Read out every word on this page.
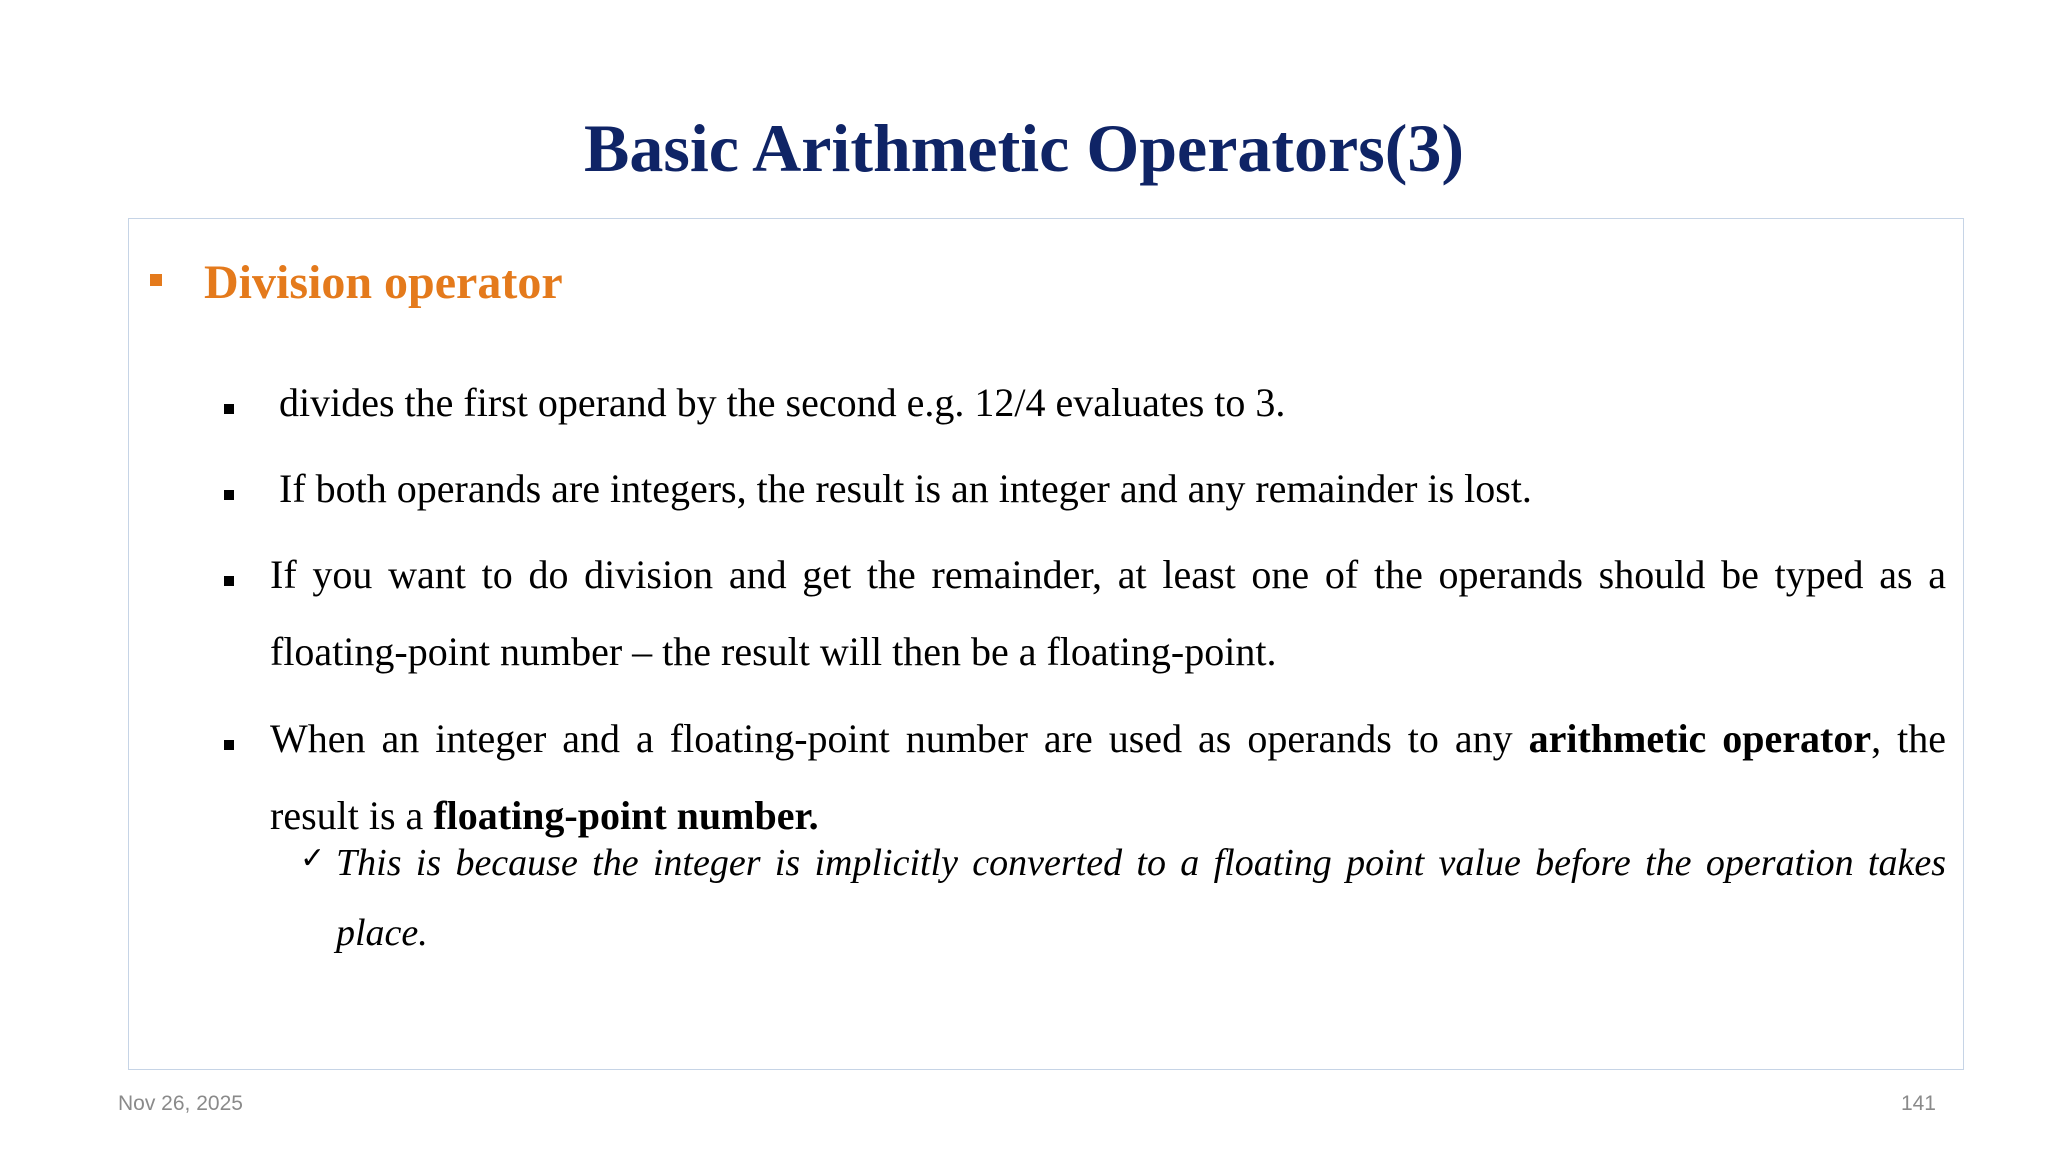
Basic Arithmetic Operators(3)
Division operator
divides the first operand by the second e.g. 12/4 evaluates to 3.
If both operands are integers, the result is an integer and any remainder is lost.
If you want to do division and get the remainder, at least one of the operands should be typed as a floating-point number – the result will then be a floating-point.
When an integer and a floating-point number are used as operands to any arithmetic operator, the result is a floating-point number.
✓ This is because the integer is implicitly converted to a floating point value before the operation takes place.
Nov 26, 2025	141
